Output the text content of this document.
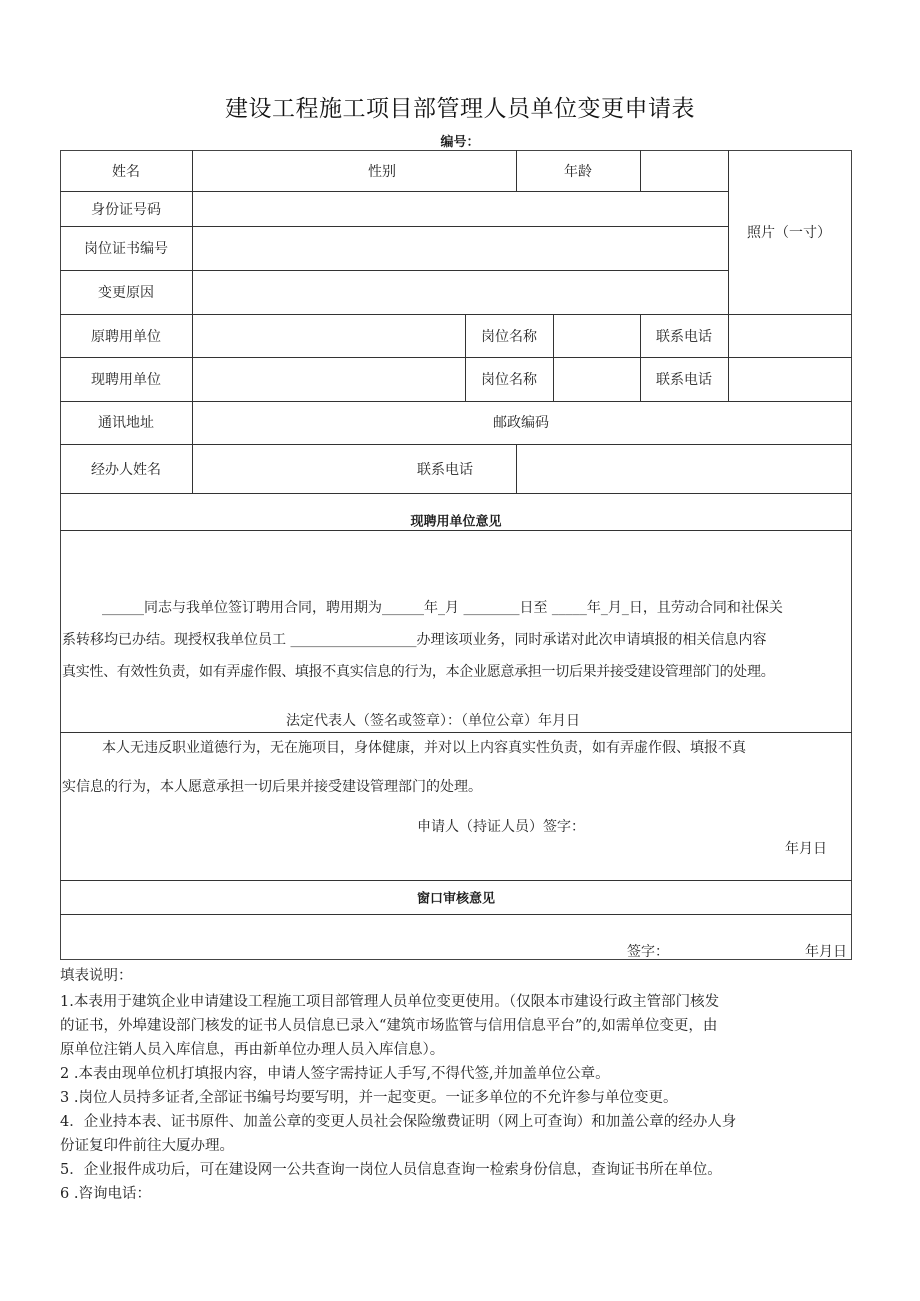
建设工程施工项目部管理人员单位变更申请表
编号：
姓名	性别	年龄
照片（一寸）
身份证号码
岗位证书编号
变更原因
原聘用单位	岗位名称	联系电话
现聘用单位	岗位名称	联系电话
通讯地址	邮政编码
经办人姓名	联系电话
现聘用单位意见
______同志与我单位签订聘用合同，聘用期为______年_月 ________日至 _____年_月_日，且劳动合同和社保关
系转移均已办结。现授权我单位员工 __________________办理该项业务，同时承诺对此次申请填报的相关信息内容
真实性、有效性负责，如有弄虚作假、填报不真实信息的行为，本企业愿意承担一切后果并接受建设管理部门的处理。
法定代表人（签名或签章）：（单位公章）年月日
本人无违反职业道德行为，无在施项目，身体健康，并对以上内容真实性负责，如有弄虚作假、填报不真
实信息的行为，本人愿意承担一切后果并接受建设管理部门的处理。
申请人（持证人员）签字：
年月日
窗口审核意见
签字：	年月日
填表说明：
1.本表用于建筑企业申请建设工程施工项目部管理人员单位变更使用。（仅限本市建设行政主管部门核发
的证书，外埠建设部门核发的证书人员信息已录入“建筑市场监管与信用信息平台”的,如需单位变更，由
原单位注销人员入库信息，再由新单位办理人员入库信息）。
2 .本表由现单位机打填报内容，申请人签字需持证人手写,不得代签,并加盖单位公章。
3 .岗位人员持多证者,全部证书编号均要写明，并一起变更。一证多单位的不允许参与单位变更。
4．企业持本表、证书原件、加盖公章的变更人员社会保险缴费证明（网上可查询）和加盖公章的经办人身
份证复印件前往大厦办理。
5．企业报件成功后，可在建设网一公共查询一岗位人员信息查询一检索身份信息，查询证书所在单位。
6 .咨询电话：
